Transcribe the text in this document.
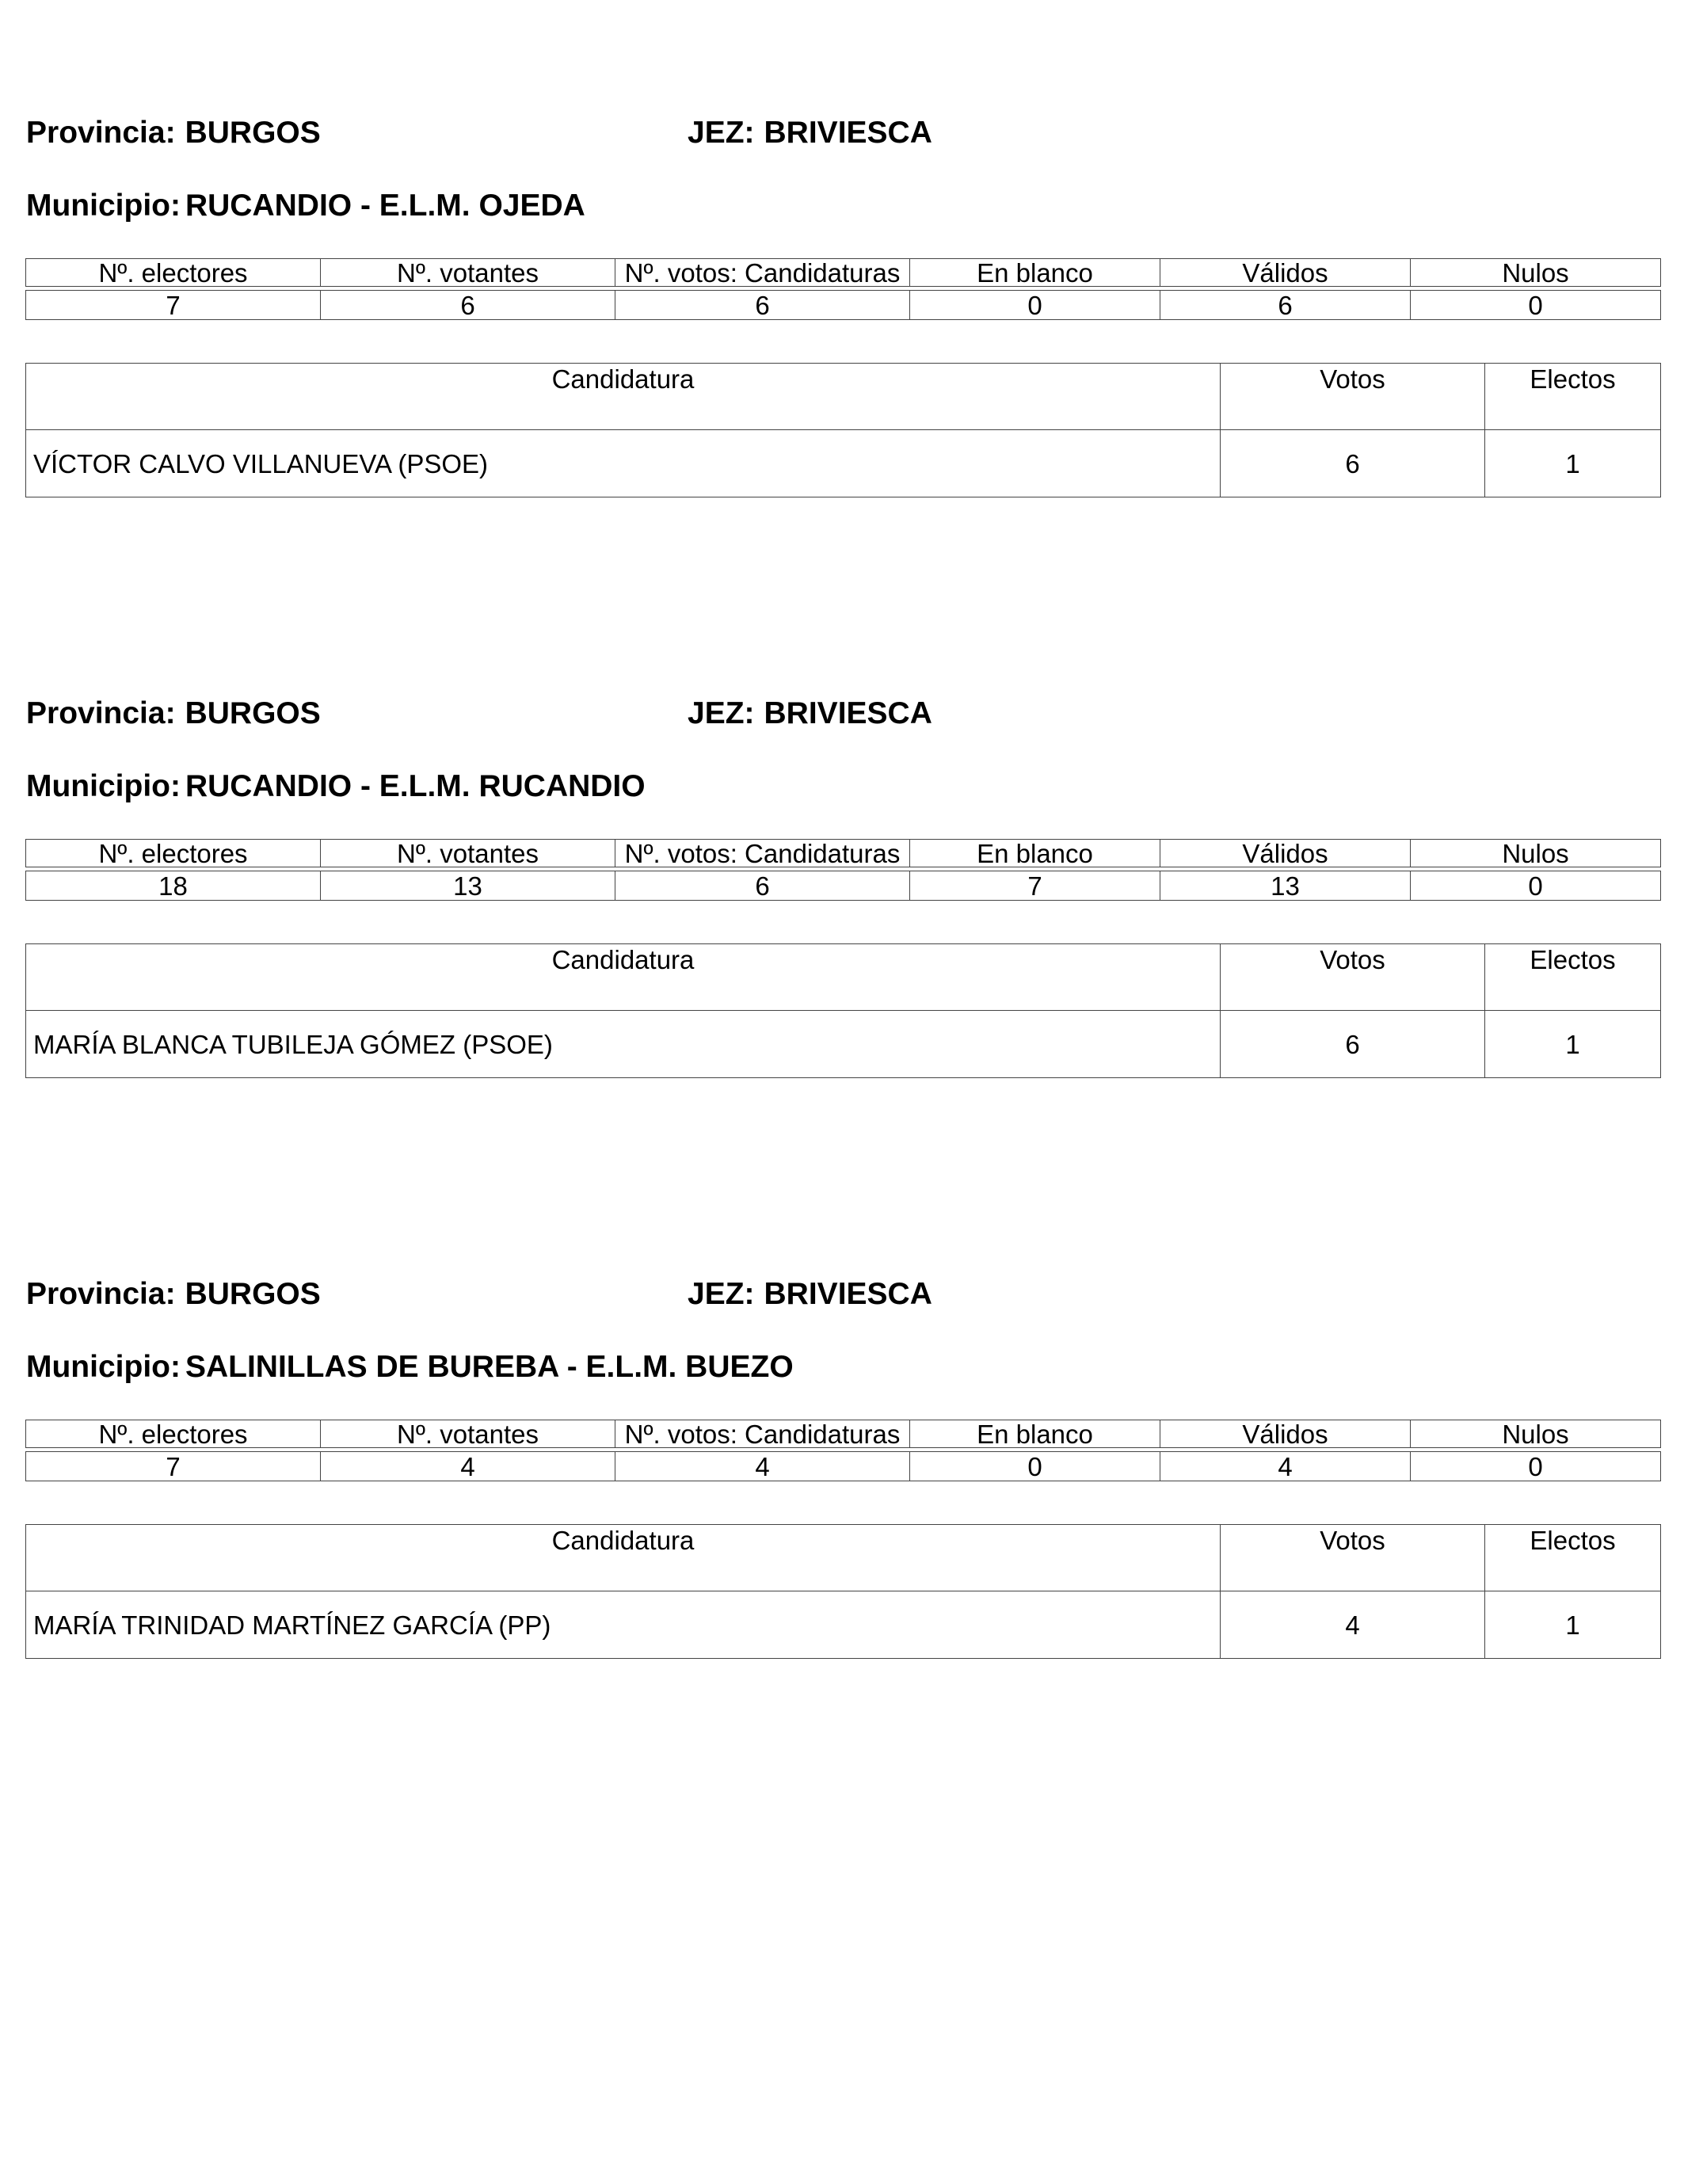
Provincia: BURGOS	JEZ: BRIVIESCA
Municipio: RUCANDIO - E.L.M. OJEDA
Nº. electores	Nº. votantes	Nº. votos: Candidaturas	En blanco	Válidos	Nulos

7	6	6	0	6	0
Candidatura	Votos	Electos
VÍCTOR CALVO VILLANUEVA (PSOE)	6	1
Provincia: BURGOS	JEZ: BRIVIESCA
Municipio: RUCANDIO - E.L.M. RUCANDIO
Nº. electores	Nº. votantes	Nº. votos: Candidaturas	En blanco	Válidos	Nulos

18	13	6	7	13	0
Candidatura	Votos	Electos
MARÍA BLANCA TUBILEJA GÓMEZ (PSOE)	6	1
Provincia: BURGOS	JEZ: BRIVIESCA
Municipio: SALINILLAS DE BUREBA - E.L.M. BUEZO
Nº. electores	Nº. votantes	Nº. votos: Candidaturas	En blanco	Válidos	Nulos

7	4	4	0	4	0
Candidatura	Votos	Electos
MARÍA TRINIDAD MARTÍNEZ GARCÍA (PP)	4	1
